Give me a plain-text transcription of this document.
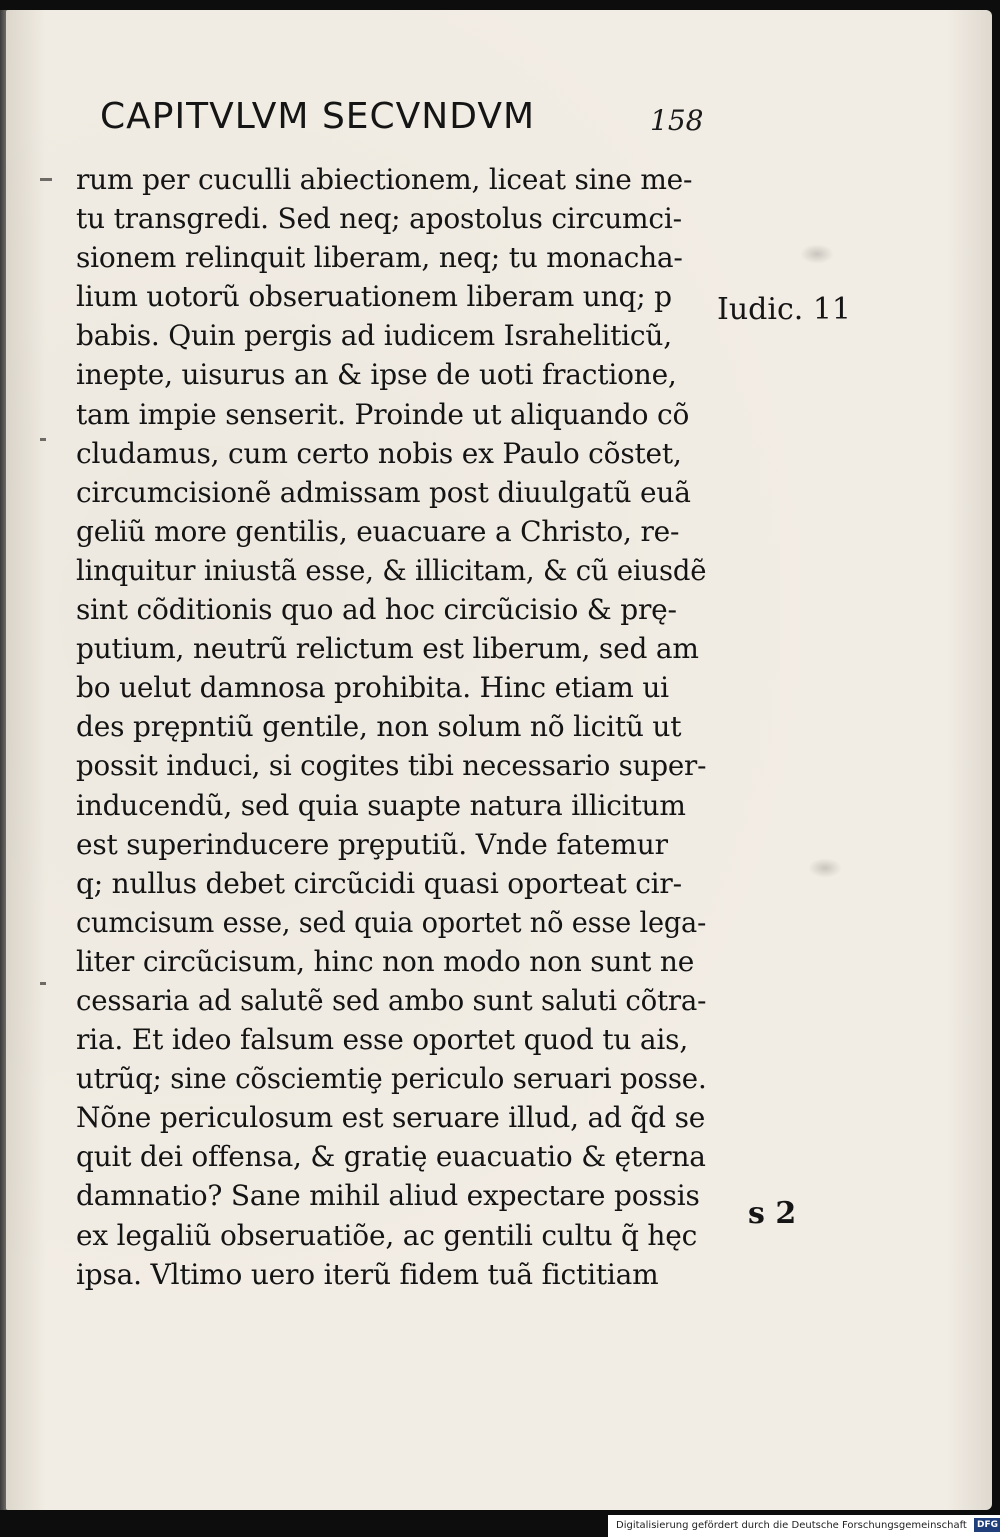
CAPITVLVM SECVNDVM	158
rum per cuculli abiectionem, liceat sine me-
tu transgredi. Sed neq; apostolus circumci-
sionem relinquit liberam, neq; tu monacha-
lium uotorũ obseruationem liberam unq; p
babis. Quin pergis ad iudicem Israheliticũ,
inepte, uisurus an & ipse de uoti fractione,
tam impie senserit. Proinde ut aliquando cõ
cludamus, cum certo nobis ex Paulo cõstet,
circumcisionẽ admissam post diuulgatũ euã
geliũ more gentilis, euacuare a Christo, re-
linquitur iniustã esse, & illicitam, & cũ eiusdẽ
sint cõditionis quo ad hoc circũcisio & prę-
putium, neutrũ relictum est liberum, sed am
bo uelut damnosa prohibita. Hinc etiam ui
des prępntiũ gentile, non solum nõ licitũ ut
possit induci, si cogites tibi necessario super-
inducendũ, sed quia suapte natura illicitum
est superinducere prȩputiũ. Vnde fatemur
q; nullus debet circũcidi quasi oporteat cir-
cumcisum esse, sed quia oportet nõ esse lega-
liter circũcisum, hinc non modo non sunt ne
cessaria ad salutẽ sed ambo sunt saluti cõtra-
ria. Et ideo falsum esse oportet quod tu ais,
utrũq; sine cõsciemtiȩ periculo seruari posse.
Nõne periculosum est seruare illud, ad q̃d se
quit dei offensa, & gratię euacuatio & ęterna
damnatio? Sane mihil aliud expectare possis
ex legaliũ obseruatiõe, ac gentili cultu q̃ hęc
ipsa. Vltimo uero iterũ fidem tuã fictitiam
Iudic. 11
s 2
Digitalisierung gefördert durch die Deutsche Forschungsgemeinschaft DFG
